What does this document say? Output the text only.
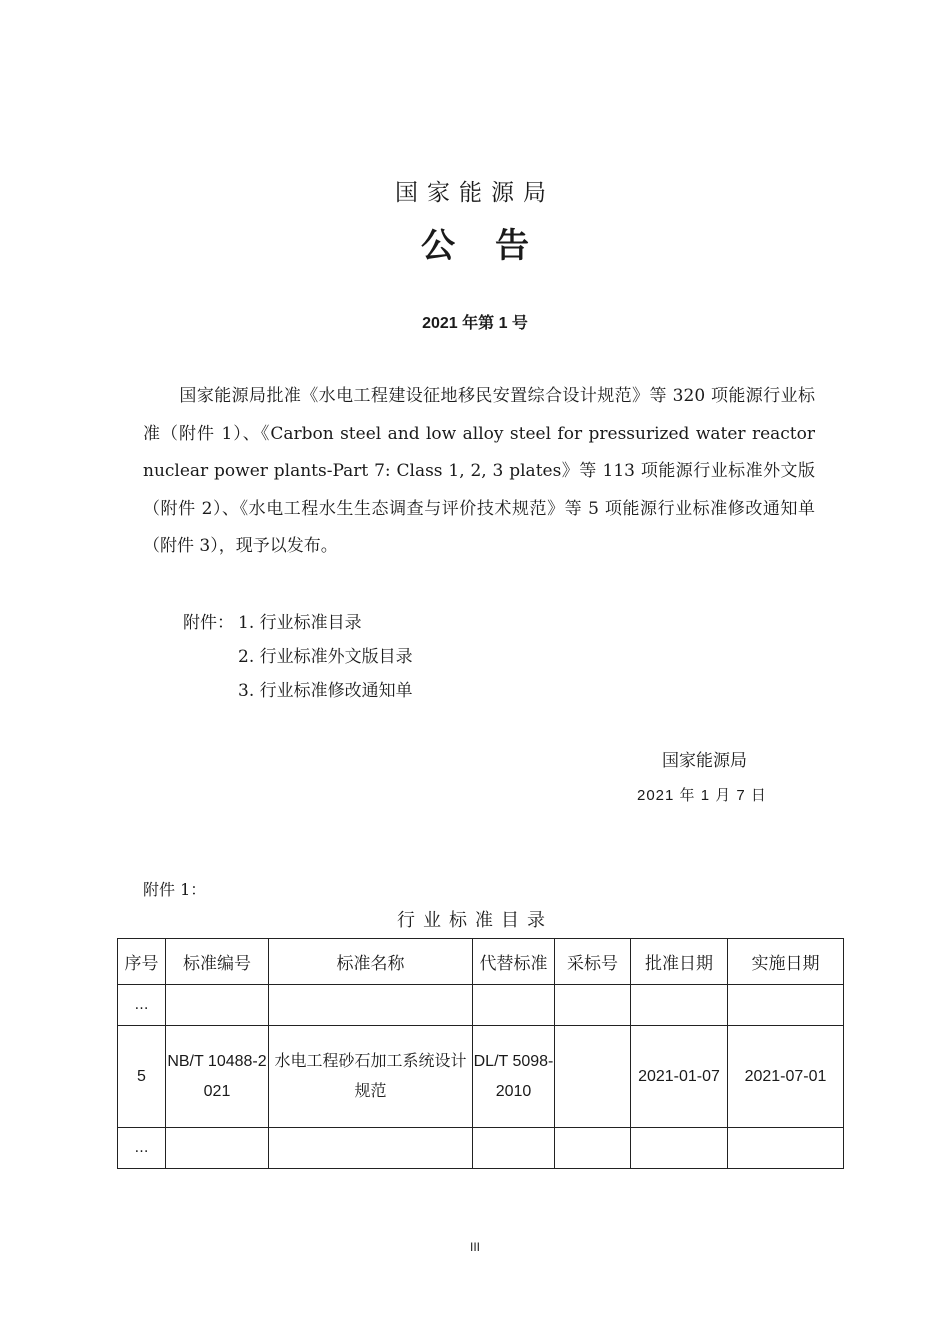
国家能源局
公告
2021 年第 1 号
国家能源局批准《水电工程建设征地移民安置综合设计规范》等 320 项能源行业标准（附件 1）、《Carbon steel and low alloy steel for pressurized water reactor nuclear power plants-Part 7: Class 1, 2, 3 plates》等 113 项能源行业标准外文版（附件 2）、《水电工程水生生态调查与评价技术规范》等 5 项能源行业标准修改通知单（附件 3），现予以发布。
附件： 1. 行业标准目录
2. 行业标准外文版目录
3. 行业标准修改通知单
国家能源局
2021 年 1 月 7 日
附件 1：
行业标准目录
序号	标准编号	标准名称	代替标准	采标号	批准日期	实施日期
…						
5	NB/T 10488-2021	水电工程砂石加工系统设计规范	DL/T 5098-2010		2021-01-07	2021-07-01
…						
III
